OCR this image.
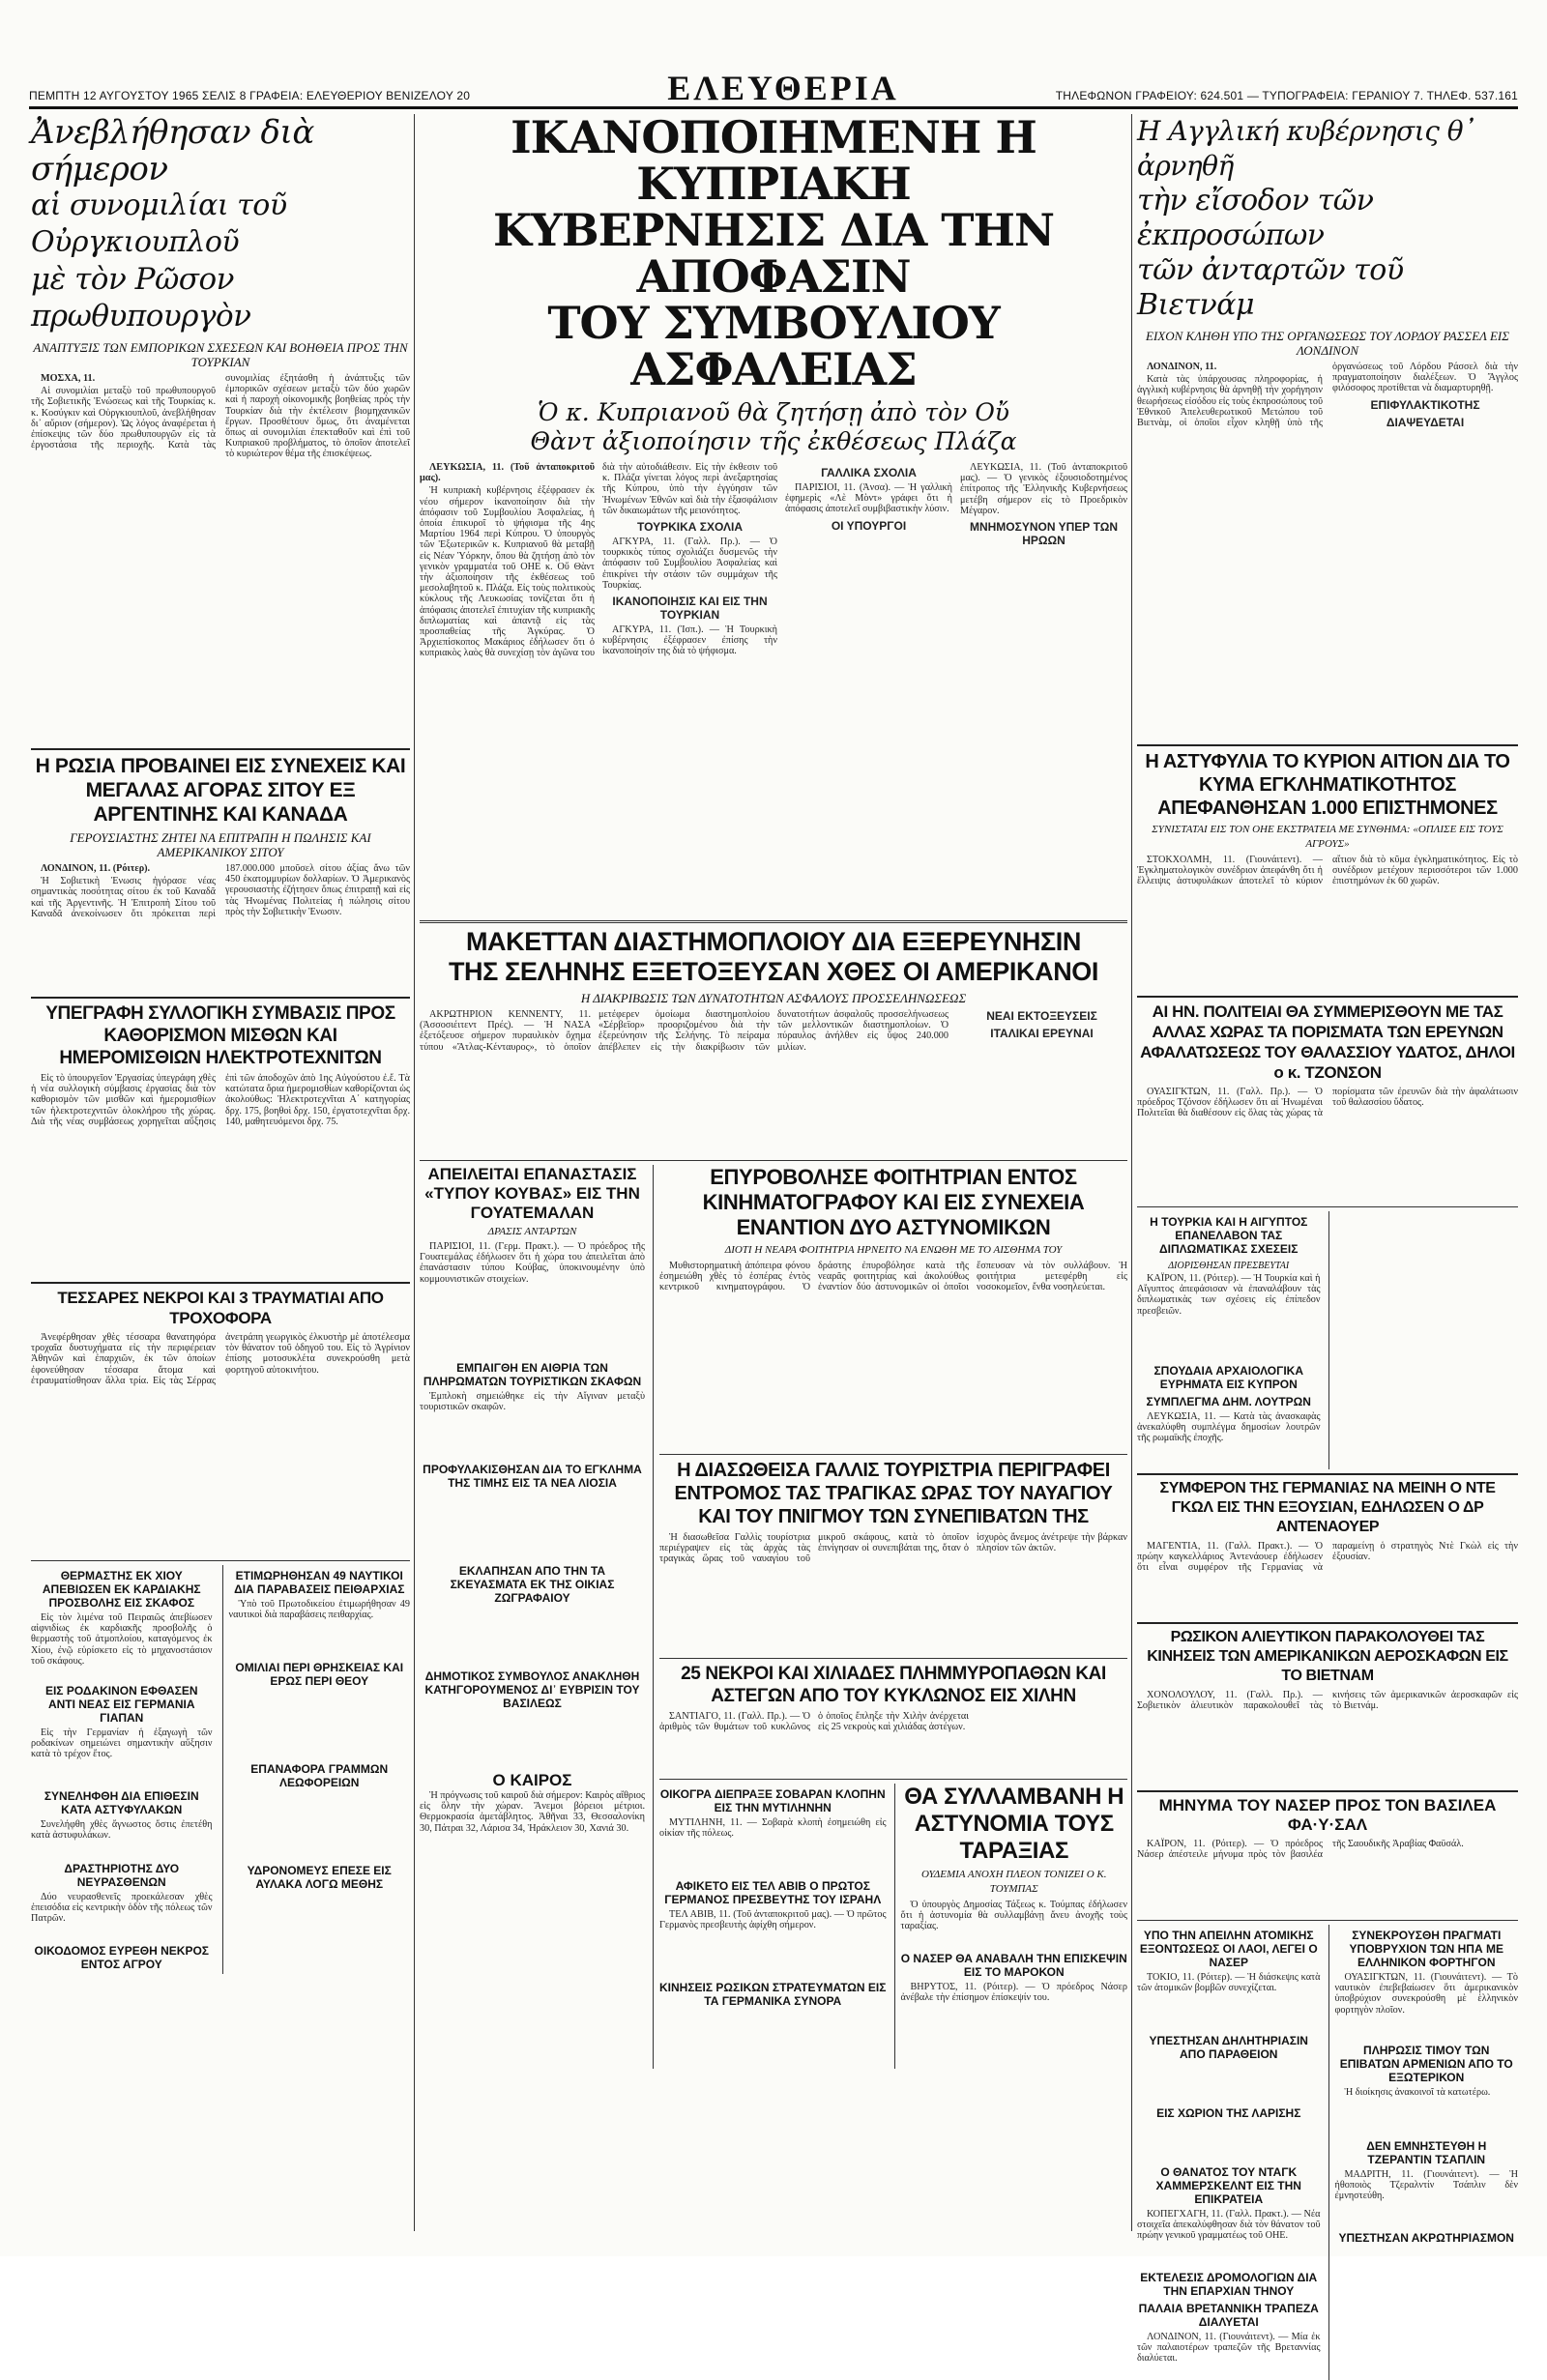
ΠΕΜΠΤΗ 12 ΑΥΓΟΥΣΤΟΥ 1965 ΣΕΛΙΣ 8 ΓΡΑΦΕΙΑ: ΕΛΕΥΘΕΡΙΟΥ ΒΕΝΙΖΕΛΟΥ 20	ΕΛΕΥΘΕΡΙΑ	ΤΗΛΕΦΩΝΟΝ ΓΡΑΦΕΙΟΥ: 624.501 — ΤΥΠΟΓΡΑΦΕΙΑ: ΓΕΡΑΝΙΟΥ 7. ΤΗΛΕΦ. 537.161
Ἀνεβλήθησαν διὰ σήμερον
αἱ συνομιλίαι τοῦ Οὐργκιουπλοῦ
μὲ τὸν Ρῶσον πρωθυπουργὸν
ΑΝΑΠΤΥΞΙΣ ΤΩΝ ΕΜΠΟΡΙΚΩΝ ΣΧΕΣΕΩΝ ΚΑΙ ΒΟΗΘΕΙΑ ΠΡΟΣ ΤΗΝ ΤΟΥΡΚΙΑΝ

ΜΟΣΧΑ, 11.

Αἱ συνομιλίαι μεταξὺ τοῦ πρωθυπουργοῦ τῆς Σοβιετικῆς Ἑνώσεως καὶ τῆς Τουρκίας κ. κ. Κοσύγκιν καὶ Οὐργκιουπλοῦ, ἀνεβλήθησαν δι᾽ αὔριον (σήμερον). Ὡς λόγος ἀναφέρεται ἡ ἐπίσκεψις τῶν δύο πρωθυπουργῶν εἰς τὰ ἐργοστάσια τῆς περιοχῆς. Κατὰ τὰς συνομιλίας ἐξητάσθη ἡ ἀνάπτυξις τῶν ἐμπορικῶν σχέσεων μεταξὺ τῶν δύο χωρῶν καὶ ἡ παροχὴ οἰκονομικῆς βοηθείας πρὸς τὴν Τουρκίαν διὰ τὴν ἐκτέλεσιν βιομηχανικῶν ἔργων. Προσθέτουν ὅμως, ὅτι ἀναμένεται ὅπως αἱ συνομιλίαι ἐπεκταθοῦν καὶ ἐπὶ τοῦ Κυπριακοῦ προβλήματος, τὸ ὁποῖον ἀποτελεῖ τὸ κυριώτερον θέμα τῆς ἐπισκέψεως.

Η ΡΩΣΙΑ ΠΡΟΒΑΙΝΕΙ ΕΙΣ ΣΥΝΕΧΕΙΣ ΚΑΙ ΜΕΓΑΛΑΣ ΑΓΟΡΑΣ ΣΙΤΟΥ ΕΞ ΑΡΓΕΝΤΙΝΗΣ ΚΑΙ ΚΑΝΑΔΑ
ΓΕΡΟΥΣΙΑΣΤΗΣ ΖΗΤΕΙ ΝΑ ΕΠΙΤΡΑΠΗ Η ΠΩΛΗΣΙΣ ΚΑΙ ΑΜΕΡΙΚΑΝΙΚΟΥ ΣΙΤΟΥ

ΛΟΝΔΙΝΟΝ, 11. (Ρόιτερ).

Ἡ Σοβιετικὴ Ἑνωσις ἠγόρασε νέας σημαντικὰς ποσότητας σίτου ἐκ τοῦ Καναδᾶ καὶ τῆς Ἀργεντινῆς. Ἡ Ἐπιτροπὴ Σίτου τοῦ Καναδᾶ ἀνεκοίνωσεν ὅτι πρόκειται περὶ 187.000.000 μποῦσελ σίτου ἀξίας ἄνω τῶν 450 ἑκατομμυρίων δολλαρίων. Ὁ Ἀμερικανὸς γερουσιαστὴς ἐζήτησεν ὅπως ἐπιτραπῇ καὶ εἰς τὰς Ἡνωμένας Πολιτείας ἡ πώλησις σίτου πρὸς τὴν Σοβιετικὴν Ἑνωσιν.

ΥΠΕΓΡΑΦΗ ΣΥΛΛΟΓΙΚΗ ΣΥΜΒΑΣΙΣ ΠΡΟΣ ΚΑΘΟΡΙΣΜΟΝ ΜΙΣΘΩΝ ΚΑΙ ΗΜΕΡΟΜΙΣΘΙΩΝ ΗΛΕΚΤΡΟΤΕΧΝΙΤΩΝ

Εἰς τὸ ὑπουργεῖον Ἐργασίας ὑπεγράφη χθὲς ἡ νέα συλλογικὴ σύμβασις ἐργασίας διὰ τὸν καθορισμὸν τῶν μισθῶν καὶ ἡμερομισθίων τῶν ἠλεκτροτεχνιτῶν ὁλοκλήρου τῆς χώρας. Διὰ τῆς νέας συμβάσεως χορηγεῖται αὔξησις ἐπὶ τῶν ἀποδοχῶν ἀπὸ 1ης Αὐγούστου ἐ.ἔ. Τὰ κατώτατα ὅρια ἡμερομισθίων καθορίζονται ὡς ἀκολούθως: Ἠλεκτροτεχνῖται Α΄ κατηγορίας δρχ. 175, βοηθοὶ δρχ. 150, ἐργατοτεχνῖται δρχ. 140, μαθητευόμενοι δρχ. 75.

ΤΕΣΣΑΡΕΣ ΝΕΚΡΟΙ ΚΑΙ 3 ΤΡΑΥΜΑΤΙΑΙ ΑΠΟ ΤΡΟΧΟΦΟΡΑ

Ἀνεφέρθησαν χθὲς τέσσαρα θανατηφόρα τροχαῖα δυστυχήματα εἰς τὴν περιφέρειαν Ἀθηνῶν καὶ ἐπαρχιῶν, ἐκ τῶν ὁποίων ἐφονεύθησαν τέσσαρα ἄτομα καὶ ἐτραυματίσθησαν ἄλλα τρία. Εἰς τὰς Σέρρας ἀνετράπη γεωργικὸς ἐλκυστὴρ μὲ ἀποτέλεσμα τὸν θάνατον τοῦ ὁδηγοῦ του. Εἰς τὸ Ἀγρίνιον ἐπίσης μοτοσυκλέτα συνεκρούσθη μετὰ φορτηγοῦ αὐτοκινήτου.

ΘΕΡΜΑΣΤΗΣ ΕΚ ΧΙΟΥ ΑΠΕΒΙΩΣΕΝ ΕΚ ΚΑΡΔΙΑΚΗΣ ΠΡΟΣΒΟΛΗΣ ΕΙΣ ΣΚΑΦΟΣ

Εἰς τὸν λιμένα τοῦ Πειραιῶς ἀπεβίωσεν αἰφνιδίως ἐκ καρδιακῆς προσβολῆς ὁ θερμαστὴς τοῦ ἀτμοπλοίου, καταγόμενος ἐκ Χίου, ἐνῷ εὑρίσκετο εἰς τὸ μηχανοστάσιον τοῦ σκάφους.

ΕΙΣ ΡΟΔΑΚΙΝΟΝ ΕΦΘΑΣΕΝ ΑΝΤΙ ΝΕΑΣ ΕΙΣ ΓΕΡΜΑΝΙΑ ΓΙΑΠΑΝ

Εἰς τὴν Γερμανίαν ἡ ἐξαγωγὴ τῶν ροδακίνων σημειώνει σημαντικὴν αὔξησιν κατὰ τὸ τρέχον ἔτος.

ΣΥΝΕΛΗΦΘΗ ΔΙΑ ΕΠΙΘΕΣΙΝ ΚΑΤΑ ΑΣΤΥΦΥΛΑΚΩΝ

Συνελήφθη χθὲς ἄγνωστος ὅστις ἐπετέθη κατὰ ἀστυφυλάκων.

ΔΡΑΣΤΗΡΙΟΤΗΣ ΔΥΟ ΝΕΥΡΑΣΘΕΝΩΝ

Δύο νευρασθενεῖς προεκάλεσαν χθὲς ἐπεισόδια εἰς κεντρικὴν ὁδὸν τῆς πόλεως τῶν Πατρῶν.

ΟΙΚΟΔΟΜΟΣ ΕΥΡΕΘΗ ΝΕΚΡΟΣ ΕΝΤΟΣ ΑΓΡΟΥ
ΕΤΙΜΩΡΗΘΗΣΑΝ 49 ΝΑΥΤΙΚΟΙ ΔΙΑ ΠΑΡΑΒΑΣΕΙΣ ΠΕΙΘΑΡΧΙΑΣ

Ὑπὸ τοῦ Πρωτοδικείου ἐτιμωρήθησαν 49 ναυτικοὶ διὰ παραβάσεις πειθαρχίας.

ΟΜΙΛΙΑΙ ΠΕΡΙ ΘΡΗΣΚΕΙΑΣ ΚΑΙ ΕΡΩΣ ΠΕΡΙ ΘΕΟΥ
ΕΠΑΝΑΦΟΡΑ ΓΡΑΜΜΩΝ ΛΕΩΦΟΡΕΙΩΝ
ΥΔΡΟΝΟΜΕΥΣ ΕΠΕΣΕ ΕΙΣ ΑΥΛΑΚΑ ΛΟΓΩ ΜΕΘΗΣ
ΙΚΑΝΟΠΟΙΗΜΕΝΗ Η ΚΥΠΡΙΑΚΗ
ΚΥΒΕΡΝΗΣΙΣ ΔΙΑ ΤΗΝ ΑΠΟΦΑΣΙΝ
ΤΟΥ ΣΥΜΒΟΥΛΙΟΥ ΑΣΦΑΛΕΙΑΣ
Ὁ κ. Κυπριανοῦ θὰ ζητήσῃ ἀπὸ τὸν Οὔ
Θὰντ ἀξιοποίησιν τῆς ἐκθέσεως Πλάζα

ΛΕΥΚΩΣΙΑ, 11. (Τοῦ ἀνταποκριτοῦ μας).

Ἡ κυπριακὴ κυβέρνησις ἐξέφρασεν ἐκ νέου σήμερον ἱκανοποίησιν διὰ τὴν ἀπόφασιν τοῦ Συμβουλίου Ἀσφαλείας, ἡ ὁποία ἐπικυροῖ τὸ ψήφισμα τῆς 4ης Μαρτίου 1964 περὶ Κύπρου. Ὁ ὑπουργὸς τῶν Ἐξωτερικῶν κ. Κυπριανοῦ θὰ μεταβῇ εἰς Νέαν Ὑόρκην, ὅπου θὰ ζητήσῃ ἀπὸ τὸν γενικὸν γραμματέα τοῦ ΟΗΕ κ. Οὔ Θὰντ τὴν ἀξιοποίησιν τῆς ἐκθέσεως τοῦ μεσολαβητοῦ κ. Πλάζα. Εἰς τοὺς πολιτικοὺς κύκλους τῆς Λευκωσίας τονίζεται ὅτι ἡ ἀπόφασις ἀποτελεῖ ἐπιτυχίαν τῆς κυπριακῆς διπλωματίας καὶ ἀπαντᾷ εἰς τὰς προσπαθείας τῆς Ἀγκύρας. Ὁ Ἀρχιεπίσκοπος Μακάριος ἐδήλωσεν ὅτι ὁ κυπριακὸς λαὸς θὰ συνεχίσῃ τὸν ἀγῶνα του διὰ τὴν αὐτοδιάθεσιν. Εἰς τὴν ἐκθεσιν τοῦ κ. Πλάζα γίνεται λόγος περὶ ἀνεξαρτησίας τῆς Κύπρου, ὑπὸ τὴν ἐγγύησιν τῶν Ἡνωμένων Ἐθνῶν καὶ διὰ τὴν ἐξασφάλισιν τῶν δικαιωμάτων τῆς μειονότητος.

ΤΟΥΡΚΙΚΑ ΣΧΟΛΙΑ

ΑΓΚΥΡΑ, 11. (Γαλλ. Πρ.). — Ὁ τουρκικὸς τύπος σχολιάζει δυσμενῶς τὴν ἀπόφασιν τοῦ Συμβουλίου Ἀσφαλείας καὶ ἐπικρίνει τὴν στάσιν τῶν συμμάχων τῆς Τουρκίας.

ΙΚΑΝΟΠΟΙΗΣΙΣ ΚΑΙ ΕΙΣ ΤΗΝ ΤΟΥΡΚΙΑΝ

ΑΓΚΥΡΑ, 11. (Ἰσπ.). — Ἡ Τουρκικὴ κυβέρνησις ἐξέφρασεν ἐπίσης τὴν ἱκανοποίησίν της διὰ τὸ ψήφισμα.

ΓΑΛΛΙΚΑ ΣΧΟΛΙΑ

ΠΑΡΙΣΙΟΙ, 11. (Ἀνσα). — Ἡ γαλλικὴ ἐφημερὶς «Λὲ Μὸντ» γράφει ὅτι ἡ ἀπόφασις ἀποτελεῖ συμβιβαστικὴν λύσιν.

ΟΙ ΥΠΟΥΡΓΟΙ

ΛΕΥΚΩΣΙΑ, 11. (Τοῦ ἀνταποκριτοῦ μας). — Ὁ γενικὸς ἐξουσιοδοτημένος ἐπίτροπος τῆς Ἑλληνικῆς Κυβερνήσεως μετέβη σήμερον εἰς τὸ Προεδρικὸν Μέγαρον.

ΜΝΗΜΟΣΥΝΟΝ ΥΠΕΡ ΤΩΝ ΗΡΩΩΝ
ΜΑΚΕΤΤΑΝ ΔΙΑΣΤΗΜΟΠΛΟΙΟΥ ΔΙΑ ΕΞΕΡΕΥΝΗΣΙΝ
ΤΗΣ ΣΕΛΗΝΗΣ ΕΞΕΤΟΞΕΥΣΑΝ ΧΘΕΣ ΟΙ ΑΜΕΡΙΚΑΝΟΙ
Η ΔΙΑΚΡΙΒΩΣΙΣ ΤΩΝ ΔΥΝΑΤΟΤΗΤΩΝ ΑΣΦΑΛΟΥΣ ΠΡΟΣΣΕΛΗΝΩΣΕΩΣ

ΑΚΡΩΤΗΡΙΟΝ ΚΕΝΝΕΝΤΥ, 11. (Ἀσσοσιέιτεντ Πρές). — Ἡ ΝΑΣΑ ἐξετόξευσε σήμερον πυραυλικὸν ὄχημα τύπου «Ἄτλας-Κένταυρος», τὸ ὁποῖον μετέφερεν ὁμοίωμα διαστημοπλοίου «Σέρβεϊορ» προοριζομένου διὰ τὴν ἐξερεύνησιν τῆς Σελήνης. Τὸ πείραμα ἀπέβλεπεν εἰς τὴν διακρίβωσιν τῶν δυνατοτήτων ἀσφαλοῦς προσσελήνωσεως τῶν μελλοντικῶν διαστημοπλοίων. Ὁ πύραυλος ἀνήλθεν εἰς ὕψος 240.000 μιλίων.

ΝΕΑΙ ΕΚΤΟΞΕΥΣΕΙΣ
ΙΤΑΛΙΚΑΙ ΕΡΕΥΝΑΙ
ΑΠΕΙΛΕΙΤΑΙ ΕΠΑΝΑΣΤΑΣΙΣ «ΤΥΠΟΥ ΚΟΥΒΑΣ» ΕΙΣ ΤΗΝ ΓΟΥΑΤΕΜΑΛΑΝ
ΔΡΑΣΙΣ ΑΝΤΑΡΤΩΝ

ΠΑΡΙΣΙΟΙ, 11. (Γερμ. Πρακτ.). — Ὁ πρόεδρος τῆς Γουατεμάλας ἐδήλωσεν ὅτι ἡ χώρα του ἀπειλεῖται ἀπὸ ἐπανάστασιν τύπου Κούβας, ὑποκινουμένην ὑπὸ κομμουνιστικῶν στοιχείων.

ΕΜΠΑΙΓΘΗ ΕΝ ΑΙΘΡΙΑ ΤΩΝ ΠΛΗΡΩΜΑΤΩΝ ΤΟΥΡΙΣΤΙΚΩΝ ΣΚΑΦΩΝ

Ἐμπλοκὴ σημειώθηκε εἰς τὴν Αἴγιναν μεταξὺ τουριστικῶν σκαφῶν.

ΠΡΟΦΥΛΑΚΙΣΘΗΣΑΝ ΔΙΑ ΤΟ ΕΓΚΛΗΜΑ ΤΗΣ ΤΙΜΗΣ ΕΙΣ ΤΑ ΝΕΑ ΛΙΟΣΙΑ
ΕΚΛΑΠΗΣΑΝ ΑΠΟ ΤΗΝ ΤΑ ΣΚΕΥΑΣΜΑΤΑ ΕΚ ΤΗΣ ΟΙΚΙΑΣ ΖΩΓΡΑΦΑΙΟΥ
ΔΗΜΟΤΙΚΟΣ ΣΥΜΒΟΥΛΟΣ ΑΝΑΚΛΗΘΗ ΚΑΤΗΓΟΡΟΥΜΕΝΟΣ ΔΙ᾽ ΕΥΒΡΙΣΙΝ ΤΟΥ ΒΑΣΙΛΕΩΣ
Ο ΚΑΙΡΟΣ

Ἡ πρόγνωσις τοῦ καιροῦ διὰ σήμερον: Καιρὸς αἴθριος εἰς ὅλην τὴν χώραν. Ἄνεμοι βόρειοι μέτριοι. Θερμοκρασία ἀμετάβλητος. Ἀθῆναι 33, Θεσσαλονίκη 30, Πάτραι 32, Λάρισα 34, Ἡράκλειον 30, Χανιά 30.

ΕΠΥΡΟΒΟΛΗΣΕ ΦΟΙΤΗΤΡΙΑΝ ΕΝΤΟΣ ΚΙΝΗΜΑΤΟΓΡΑΦΟΥ ΚΑΙ ΕΙΣ ΣΥΝΕΧΕΙΑ ΕΝΑΝΤΙΟΝ ΔΥΟ ΑΣΤΥΝΟΜΙΚΩΝ
ΔΙΟΤΙ Η ΝΕΑΡΑ ΦΟΙΤΗΤΡΙΑ ΗΡΝΕΙΤΟ ΝΑ ΕΝΩΘΗ ΜΕ ΤΟ ΑΙΣΘΗΜΑ ΤΟΥ

Μυθιστορηματικὴ ἀπόπειρα φόνου ἐσημειώθη χθὲς τὸ ἑσπέρας ἐντὸς κεντρικοῦ κινηματογράφου. Ὁ δράστης ἐπυροβόλησε κατὰ τῆς νεαρᾶς φοιτητρίας καὶ ἀκολούθως ἐναντίον δύο ἀστυνομικῶν οἱ ὁποῖοι ἔσπευσαν νὰ τὸν συλλάβουν. Ἡ φοιτήτρια μετεφέρθη εἰς νοσοκομεῖον, ἔνθα νοσηλεύεται.

Η ΔΙΑΣΩΘΕΙΣΑ ΓΑΛΛΙΣ ΤΟΥΡΙΣΤΡΙΑ ΠΕΡΙΓΡΑΦΕΙ ΕΝΤΡΟΜΟΣ ΤΑΣ ΤΡΑΓΙΚΑΣ ΩΡΑΣ ΤΟΥ ΝΑΥΑΓΙΟΥ ΚΑΙ ΤΟΥ ΠΝΙΓΜΟΥ ΤΩΝ ΣΥΝΕΠΙΒΑΤΩΝ ΤΗΣ

Ἡ διασωθεῖσα Γαλλὶς τουρίστρια περιέγραψεν εἰς τὰς ἀρχὰς τὰς τραγικὰς ὥρας τοῦ ναυαγίου τοῦ μικροῦ σκάφους, κατὰ τὸ ὁποῖον ἐπνίγησαν οἱ συνεπιβάται της, ὅταν ὁ ἰσχυρὸς ἄνεμος ἀνέτρεψε τὴν βάρκαν πλησίον τῶν ἀκτῶν.

25 ΝΕΚΡΟΙ ΚΑΙ ΧΙΛΙΑΔΕΣ ΠΛΗΜΜΥΡΟΠΑΘΩΝ ΚΑΙ ΑΣΤΕΓΩΝ ΑΠΟ ΤΟΥ ΚΥΚΛΩΝΟΣ ΕΙΣ ΧΙΛΗΝ

ΣΑΝΤΙΑΓΟ, 11. (Γαλλ. Πρ.). — Ὁ ἀριθμὸς τῶν θυμάτων τοῦ κυκλῶνος ὁ ὁποῖος ἔπληξε τὴν Χιλὴν ἀνέρχεται εἰς 25 νεκροὺς καὶ χιλιάδας ἀστέγων.

ΟΙΚΟΓΡΑ ΔΙΕΠΡΑΞΕ ΣΟΒΑΡΑΝ ΚΛΟΠΗΝ ΕΙΣ ΤΗΝ ΜΥΤΙΛΗΝΗΝ

ΜΥΤΙΛΗΝΗ, 11. — Σοβαρὰ κλοπὴ ἐσημειώθη εἰς οἰκίαν τῆς πόλεως.

ΑΦΙΚΕΤΟ ΕΙΣ ΤΕΛ ΑΒΙΒ Ο ΠΡΩΤΟΣ ΓΕΡΜΑΝΟΣ ΠΡΕΣΒΕΥΤΗΣ ΤΟΥ ΙΣΡΑΗΛ

ΤΕΛ ΑΒΙΒ, 11. (Τοῦ ἀνταποκριτοῦ μας). — Ὁ πρῶτος Γερμανὸς πρεσβευτὴς ἀφίχθη σήμερον.

ΚΙΝΗΣΕΙΣ ΡΩΣΙΚΩΝ ΣΤΡΑΤΕΥΜΑΤΩΝ ΕΙΣ ΤΑ ΓΕΡΜΑΝΙΚΑ ΣΥΝΟΡΑ
ΘΑ ΣΥΛΛΑΜΒΑΝΗ Η ΑΣΤΥΝΟΜΙΑ ΤΟΥΣ ΤΑΡΑΞΙΑΣ
ΟΥΔΕΜΙΑ ΑΝΟΧΗ ΠΛΕΟΝ ΤΟΝΙΖΕΙ Ο Κ. ΤΟΥΜΠΑΣ

Ὁ ὑπουργὸς Δημοσίας Τάξεως κ. Τούμπας ἐδήλωσεν ὅτι ἡ ἀστυνομία θὰ συλλαμβάνῃ ἄνευ ἀνοχῆς τοὺς ταραξίας.

Ο ΝΑΣΕΡ ΘΑ ΑΝΑΒΑΛΗ ΤΗΝ ΕΠΙΣΚΕΨΙΝ ΕΙΣ ΤΟ ΜΑΡΟΚΟΝ

ΒΗΡΥΤΟΣ, 11. (Ρόιτερ). — Ὁ πρόεδρος Νάσερ ἀνέβαλε τὴν ἐπίσημον ἐπίσκεψίν του.

Η Αγγλική κυβέρνησις θ᾽ ἀρνηθῆ
τὴν εἴσοδον τῶν ἐκπροσώπων
τῶν ἀνταρτῶν τοῦ Βιετνάμ
ΕΙΧΟΝ ΚΛΗΘΗ ΥΠΟ ΤΗΣ ΟΡΓΑΝΩΣΕΩΣ ΤΟΥ ΛΟΡΔΟΥ ΡΑΣΣΕΛ ΕΙΣ ΛΟΝΔΙΝΟΝ

ΛΟΝΔΙΝΟΝ, 11.

Κατὰ τὰς ὑπάρχουσας πληροφορίας, ἡ ἀγγλικὴ κυβέρνησις θὰ ἀρνηθῇ τὴν χορήγησιν θεωρήσεως εἰσόδου εἰς τοὺς ἐκπροσώπους τοῦ Ἐθνικοῦ Ἀπελευθερωτικοῦ Μετώπου τοῦ Βιετνὰμ, οἱ ὁποῖοι εἶχον κληθῇ ὑπὸ τῆς ὀργανώσεως τοῦ Λόρδου Ράσσελ διὰ τὴν πραγματοποίησιν διαλέξεων. Ὁ Ἄγγλος φιλόσοφος προτίθεται νὰ διαμαρτυρηθῇ.

ΕΠΙΦΥΛΑΚΤΙΚΟΤΗΣ
ΔΙΑΨΕΥΔΕΤΑΙ
Η ΑΣΤΥΦΥΛΙΑ ΤΟ ΚΥΡΙΟΝ ΑΙΤΙΟΝ ΔΙΑ ΤΟ ΚΥΜΑ ΕΓΚΛΗΜΑΤΙΚΟΤΗΤΟΣ ΑΠΕΦΑΝΘΗΣΑΝ 1.000 ΕΠΙΣΤΗΜΟΝΕΣ
ΣΥΝΙΣΤΑΤΑΙ ΕΙΣ ΤΟΝ ΟΗΕ ΕΚΣΤΡΑΤΕΙΑ ΜΕ ΣΥΝΘΗΜΑ: «ΟΠΛΙΣΕ ΕΙΣ ΤΟΥΣ ΑΓΡΟΥΣ»

ΣΤΟΚΧΟΛΜΗ, 11. (Γιουνάιτεντ). — Ἐγκληματολογικὸν συνέδριον ἀπεφάνθη ὅτι ἡ ἔλλειψις ἀστυφυλάκων ἀποτελεῖ τὸ κύριον αἴτιον διὰ τὸ κῦμα ἐγκληματικότητος. Εἰς τὸ συνέδριον μετέχουν περισσότεροι τῶν 1.000 ἐπιστημόνων ἐκ 60 χωρῶν.

ΑΙ ΗΝ. ΠΟΛΙΤΕΙΑΙ ΘΑ ΣΥΜΜΕΡΙΣΘΟΥΝ ΜΕ ΤΑΣ ΑΛΛΑΣ ΧΩΡΑΣ ΤΑ ΠΟΡΙΣΜΑΤΑ ΤΩΝ ΕΡΕΥΝΩΝ ΑΦΑΛΑΤΩΣΕΩΣ ΤΟΥ ΘΑΛΑΣΣΙΟΥ ΥΔΑΤΟΣ, ΔΗΛΟΙ ο κ. ΤΖΟΝΣΟΝ

ΟΥΑΣΙΓΚΤΩΝ, 11. (Γαλλ. Πρ.). — Ὁ πρόεδρος Τζόνσον ἐδήλωσεν ὅτι αἱ Ἡνωμέναι Πολιτεῖαι θὰ διαθέσουν εἰς ὅλας τὰς χώρας τὰ πορίσματα τῶν ἐρευνῶν διὰ τὴν ἀφαλάτωσιν τοῦ θαλασσίου ὕδατος.

Η ΤΟΥΡΚΙΑ ΚΑΙ Η ΑΙΓΥΠΤΟΣ ΕΠΑΝΕΛΑΒΟΝ ΤΑΣ ΔΙΠΛΩΜΑΤΙΚΑΣ ΣΧΕΣΕΙΣ
ΔΙΟΡΙΣΘΗΣΑΝ ΠΡΕΣΒΕΥΤΑΙ

ΚΑΪΡΟΝ, 11. (Ρόιτερ). — Ἡ Τουρκία καὶ ἡ Αἴγυπτος ἀπεφάσισαν νὰ ἐπαναλάβουν τὰς διπλωματικὰς των σχέσεις εἰς ἐπίπεδον πρεσβειῶν.

ΣΠΟΥΔΑΙΑ ΑΡΧΑΙΟΛΟΓΙΚΑ ΕΥΡΗΜΑΤΑ ΕΙΣ ΚΥΠΡΟΝ
ΣΥΜΠΛΕΓΜΑ ΔΗΜ. ΛΟΥΤΡΩΝ

ΛΕΥΚΩΣΙΑ, 11. — Κατὰ τὰς ἀνασκαφὰς ἀνεκαλύφθη συμπλέγμα δημοσίων λουτρῶν τῆς ρωμαϊκῆς ἐποχῆς.

ΣΥΜΦΕΡΟΝ ΤΗΣ ΓΕΡΜΑΝΙΑΣ ΝΑ ΜΕΙΝΗ Ο ΝΤΕ ΓΚΩΛ ΕΙΣ ΤΗΝ ΕΞΟΥΣΙΑΝ, ΕΔΗΛΩΣΕΝ Ο ΔΡ ΑΝΤΕΝΑΟΥΕΡ

ΜΑΓΕΝΤΙΑ, 11. (Γαλλ. Πρακτ.). — Ὁ πρώην καγκελλάριος Ἀντενάουερ ἐδήλωσεν ὅτι εἶναι συμφέρον τῆς Γερμανίας νὰ παραμείνῃ ὁ στρατηγὸς Ντὲ Γκὼλ εἰς τὴν ἐξουσίαν.

ΡΩΣΙΚΟΝ ΑΛΙΕΥΤΙΚΟΝ ΠΑΡΑΚΟΛΟΥΘΕΙ ΤΑΣ ΚΙΝΗΣΕΙΣ ΤΩΝ ΑΜΕΡΙΚΑΝΙΚΩΝ ΑΕΡΟΣΚΑΦΩΝ ΕΙΣ ΤΟ ΒΙΕΤΝΑΜ

ΧΟΝΟΛΟΥΛΟΥ, 11. (Γαλλ. Πρ.). — Σοβιετικὸν ἁλιευτικὸν παρακολουθεῖ τὰς κινήσεις τῶν ἀμερικανικῶν ἀεροσκαφῶν εἰς τὸ Βιετνάμ.

ΜΗΝΥΜΑ ΤΟΥ ΝΑΣΕΡ ΠΡΟΣ ΤΟΝ ΒΑΣΙΛΕΑ ΦΑ·Υ·ΣΑΛ

ΚΑΪΡΟΝ, 11. (Ρόιτερ). — Ὁ πρόεδρος Νάσερ ἀπέστειλε μήνυμα πρὸς τὸν βασιλέα τῆς Σαουδικῆς Ἀραβίας Φαϋσάλ.

ΥΠΟ ΤΗΝ ΑΠΕΙΛΗΝ ΑΤΟΜΙΚΗΣ ΕΞΟΝΤΩΣΕΩΣ ΟΙ ΛΑΟΙ, ΛΕΓΕΙ Ο ΝΑΣΕΡ

ΤΟΚΙΟ, 11. (Ρόιτερ). — Ἡ διάσκεψις κατὰ τῶν ἀτομικῶν βομβῶν συνεχίζεται.

ΥΠΕΣΤΗΣΑΝ ΔΗΛΗΤΗΡΙΑΣΙΝ ΑΠΟ ΠΑΡΑΘΕΙΟΝ
ΕΙΣ ΧΩΡΙΟΝ ΤΗΣ ΛΑΡΙΣΗΣ
Ο ΘΑΝΑΤΟΣ ΤΟΥ ΝΤΑΓΚ ΧΑΜΜΕΡΣΚΕΛΝΤ ΕΙΣ ΤΗΝ ΕΠΙΚΡΑΤΕΙΑ

ΚΟΠΕΓΧΑΓΗ, 11. (Γαλλ. Πρακτ.). — Νέα στοιχεῖα ἀπεκαλύφθησαν διὰ τὸν θάνατον τοῦ πρώην γενικοῦ γραμματέως τοῦ ΟΗΕ.

ΕΚΤΕΛΕΣΙΣ ΔΡΟΜΟΛΟΓΙΩΝ ΔΙΑ ΤΗΝ ΕΠΑΡΧΙΑΝ ΤΗΝΟΥ
ΠΑΛΑΙΑ ΒΡΕΤΑΝΝΙΚΗ ΤΡΑΠΕΖΑ ΔΙΑΛΥΕΤΑΙ

ΛΟΝΔΙΝΟΝ, 11. (Γιουνάιτεντ). — Μία ἐκ τῶν παλαιοτέρων τραπεζῶν τῆς Βρεταννίας διαλύεται.

ΣΥΝΕΚΡΟΥΣΘΗ ΠΡΑΓΜΑΤΙ ΥΠΟΒΡΥΧΙΟΝ ΤΩΝ ΗΠΑ ΜΕ ΕΛΛΗΝΙΚΟΝ ΦΟΡΤΗΓΟΝ

ΟΥΑΣΙΓΚΤΩΝ, 11. (Γιουνάιτεντ). — Τὸ ναυτικὸν ἐπεβεβαίωσεν ὅτι ἀμερικανικὸν ὑποβρύχιον συνεκρούσθη μὲ ἑλληνικὸν φορτηγὸν πλοῖον.

ΠΛΗΡΩΣΙΣ ΤΙΜΟΥ ΤΩΝ ΕΠΙΒΑΤΩΝ ΑΡΜΕΝΙΩΝ ΑΠΟ ΤΟ ΕΞΩΤΕΡΙΚΟΝ

Ἡ διοίκησις ἀνακοινοῖ τὰ κατωτέρω.

ΔΕΝ ΕΜΝΗΣΤΕΥΘΗ Η ΤΖΕΡΑΝΤΙΝ ΤΣΑΠΛΙΝ

ΜΑΔΡΙΤΗ, 11. (Γιουνάιτεντ). — Ἡ ἠθοποιὸς Τζεραλντίν Τσάπλιν δὲν ἐμνηστεύθη.

ΥΠΕΣΤΗΣΑΝ ΑΚΡΩΤΗΡΙΑΣΜΟΝ
